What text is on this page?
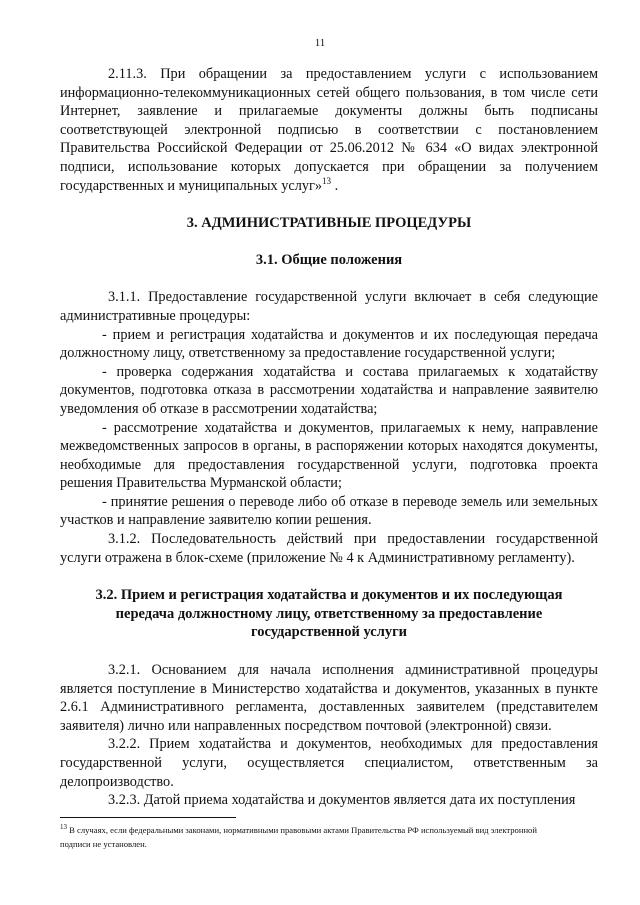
11

2.11.3. При обращении за предоставлением услуги с использованием информационно-телекоммуникационных сетей общего пользования, в том числе сети Интернет, заявление и прилагаемые документы должны быть подписаны соответствующей электронной подписью в соответствии с постановлением Правительства Российской Федерации от 25.06.2012 № 634 «О видах электронной подписи, использование которых допускается при обращении за получением государственных и муниципальных услуг»$^{13}$ .

3. АДМИНИСТРАТИВНЫЕ ПРОЦЕДУРЫ
3.1. Общие положения

3.1.1. Предоставление государственной услуги включает в себя следующие административные процедуры:

- прием и регистрация ходатайства и документов и их последующая передача должностному лицу, ответственному за предоставление государственной услуги;

- проверка содержания ходатайства и состава прилагаемых к ходатайству документов, подготовка отказа в рассмотрении ходатайства и направление заявителю уведомления об отказе в рассмотрении ходатайства;

- рассмотрение ходатайства и документов, прилагаемых к нему, направление межведомственных запросов в органы, в распоряжении которых находятся документы, необходимые для предоставления государственной услуги, подготовка проекта решения Правительства Мурманской области;

- принятие решения о переводе либо об отказе в переводе земель или земельных участков и направление заявителю копии решения.

3.1.2. Последовательность действий при предоставлении государственной услуги отражена в блок-схеме (приложение № 4 к Административному регламенту).

3.2. Прием и регистрация ходатайства и документов и их последующая
передача должностному лицу, ответственному за предоставление
государственной услуги

3.2.1. Основанием для начала исполнения административной процедуры является поступление в Министерство ходатайства и документов, указанных в пункте 2.6.1 Административного регламента, доставленных заявителем (представителем заявителя) лично или направленных посредством почтовой (электронной) связи.

3.2.2. Прием ходатайства и документов, необходимых для предоставления государственной услуги, осуществляется специалистом, ответственным за делопроизводство.

3.2.3. Датой приема ходатайства и документов является дата их поступления

$^{13}$ В случаях, если федеральными законами, нормативными правовыми актами Правительства РФ используемый вид электронной подписи не установлен.
